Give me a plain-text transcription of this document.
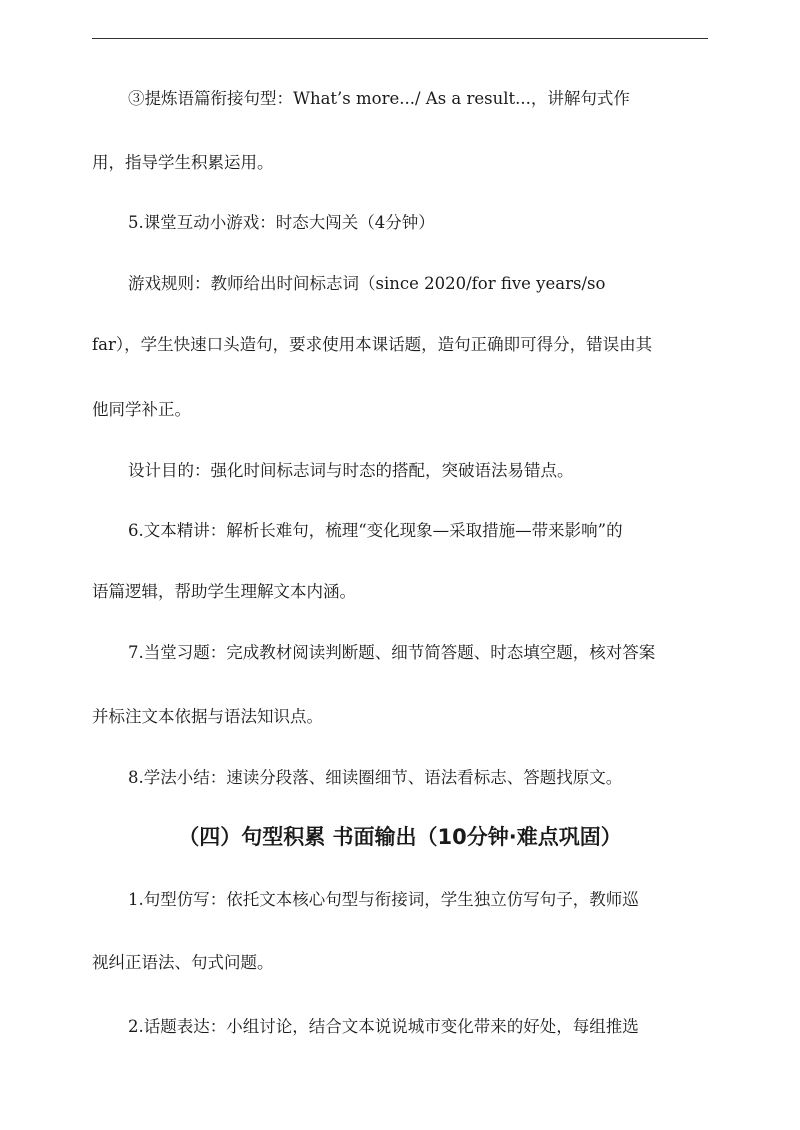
③提炼语篇衔接句型：What’s more.../ As a result...，讲解句式作
用，指导学生积累运用。
5.课堂互动小游戏：时态大闯关（4分钟）
游戏规则：教师给出时间标志词（since 2020/for five years/so
far），学生快速口头造句，要求使用本课话题，造句正确即可得分，错误由其
他同学补正。
设计目的：强化时间标志词与时态的搭配，突破语法易错点。
6.文本精讲：解析长难句，梳理“变化现象—采取措施—带来影响”的
语篇逻辑，帮助学生理解文本内涵。
7.当堂习题：完成教材阅读判断题、细节简答题、时态填空题，核对答案
并标注文本依据与语法知识点。
8.学法小结：速读分段落、细读圈细节、语法看标志、答题找原文。
（四）句型积累 书面输出（10分钟·难点巩固）
1.句型仿写：依托文本核心句型与衔接词，学生独立仿写句子，教师巡
视纠正语法、句式问题。
2.话题表达：小组讨论，结合文本说说城市变化带来的好处，每组推选
